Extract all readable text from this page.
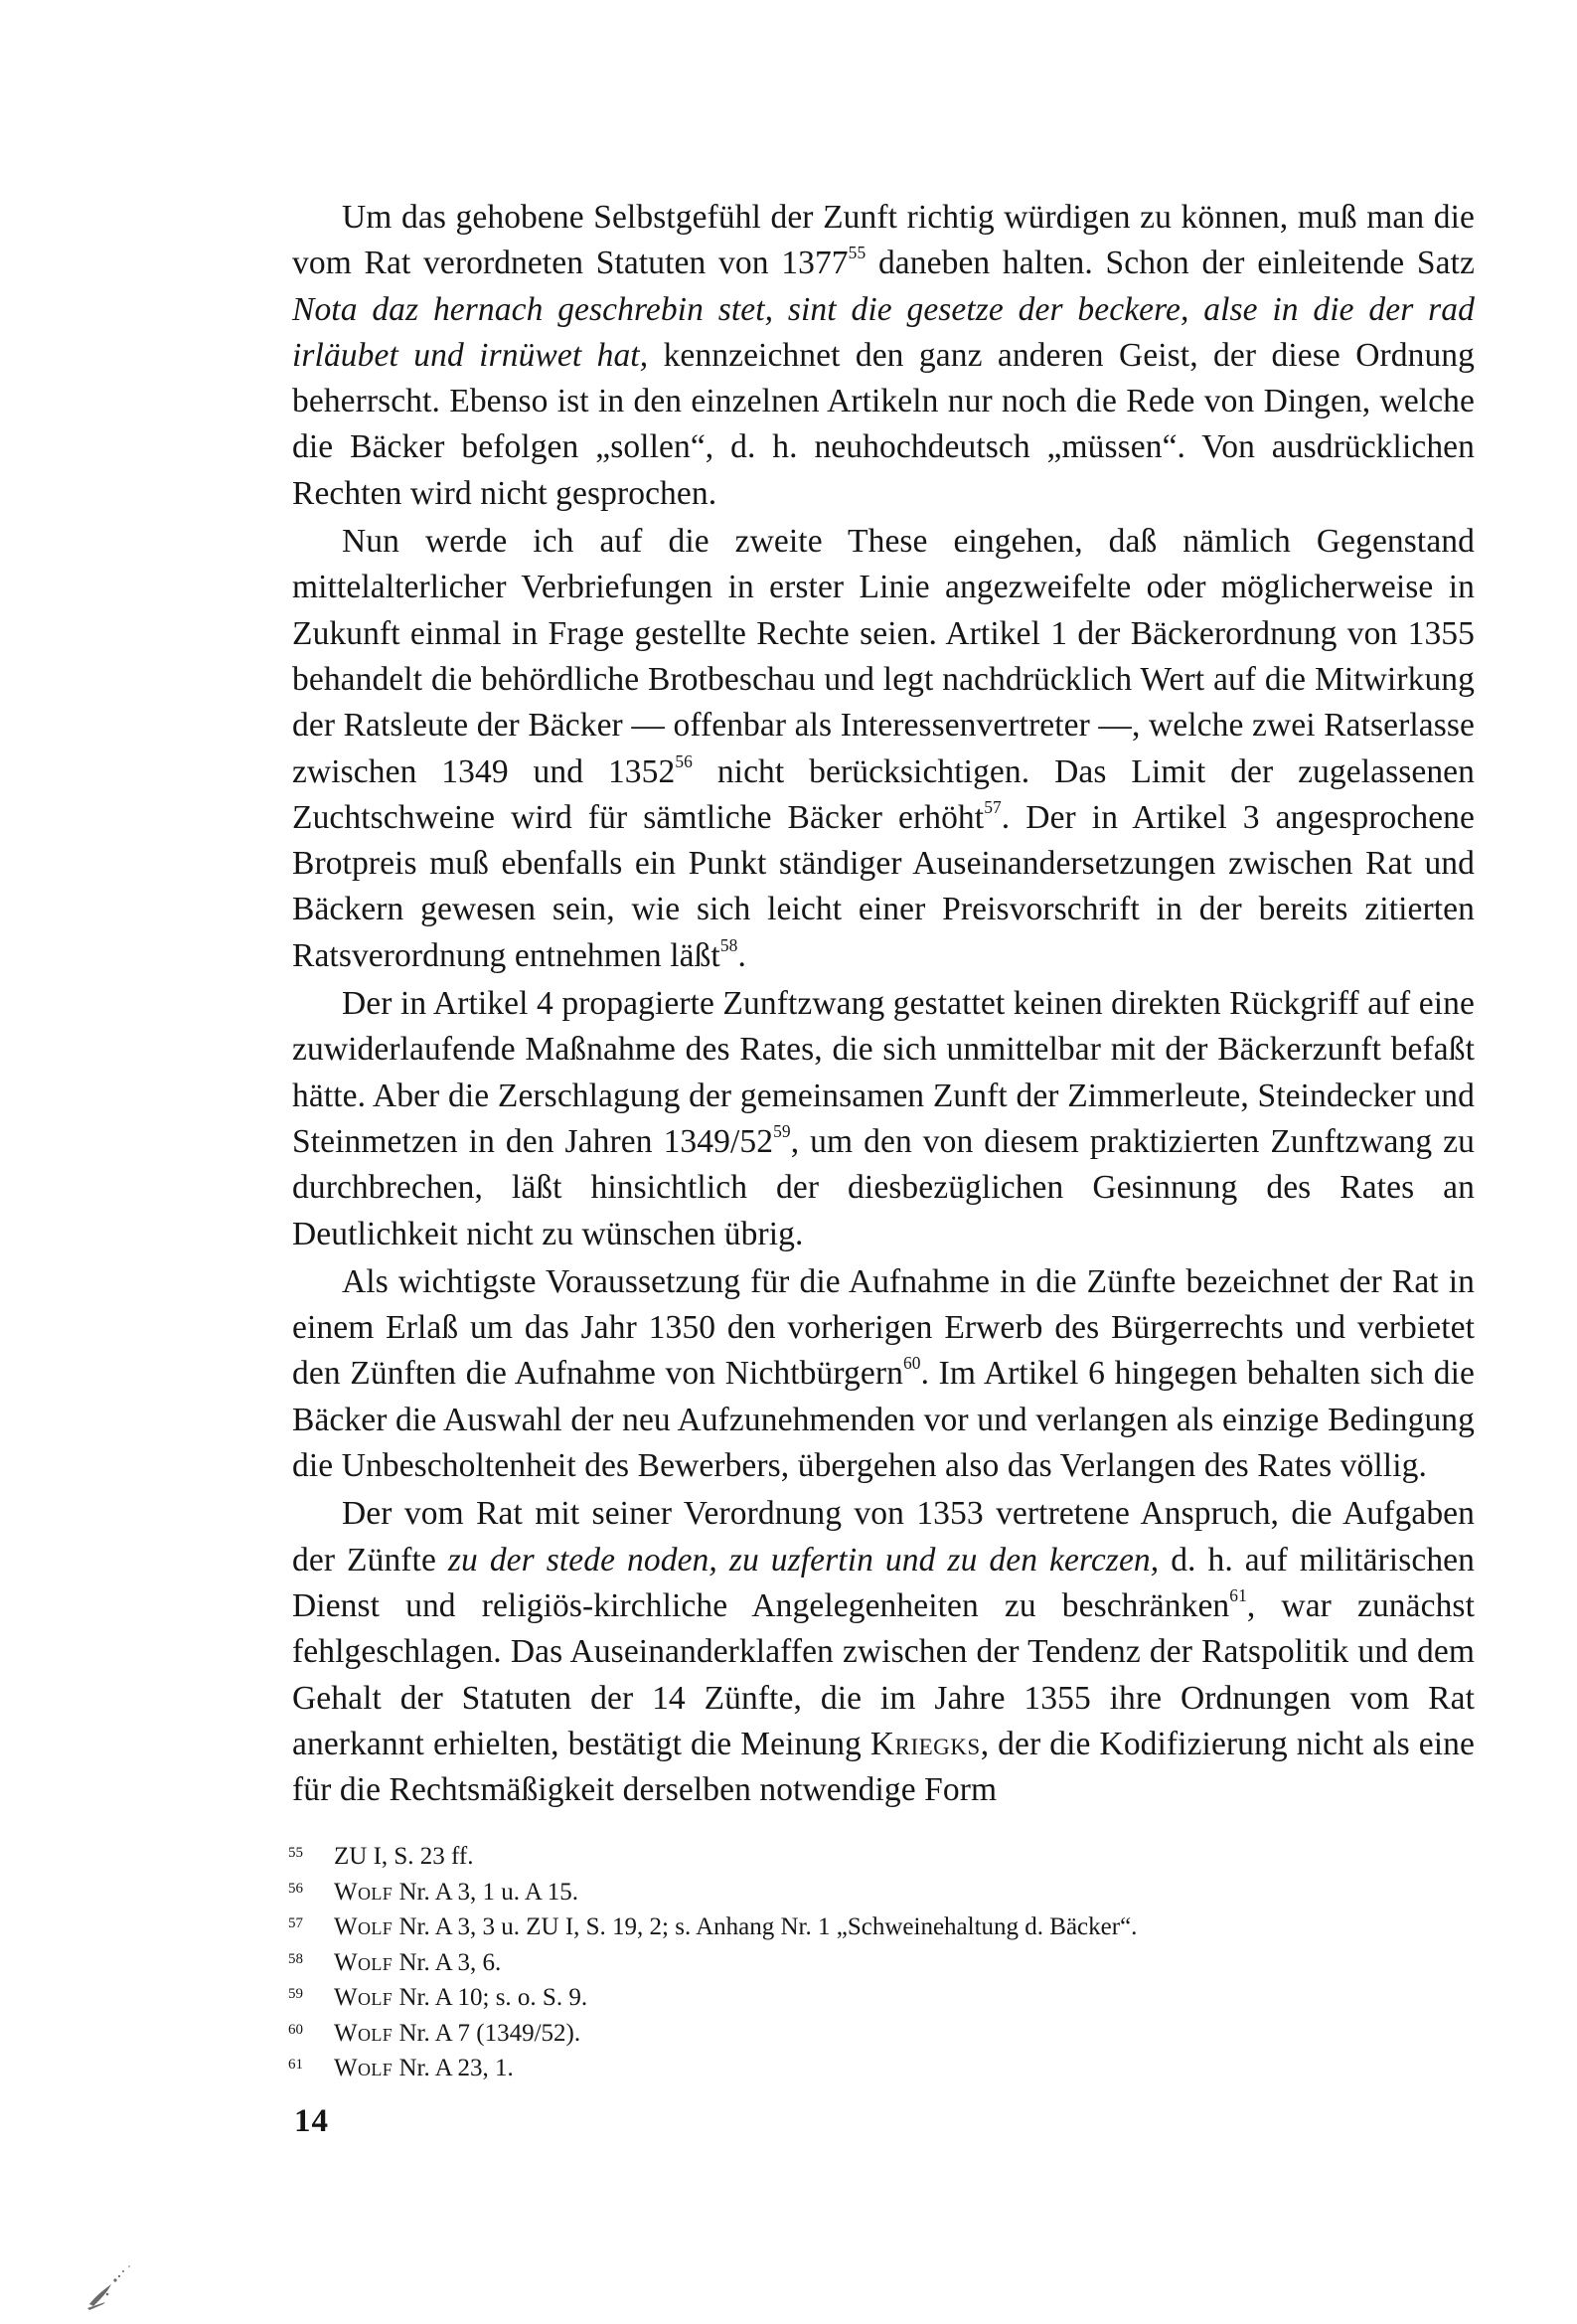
Um das gehobene Selbstgefühl der Zunft richtig würdigen zu können, muß man die vom Rat verordneten Statuten von 1377$^{55}$ daneben halten. Schon der einleitende Satz Nota daz hernach geschrebin stet, sint die gesetze der beckere, alse in die der rad irläubet und irnüwet hat, kennzeichnet den ganz anderen Geist, der diese Ordnung beherrscht. Ebenso ist in den einzelnen Artikeln nur noch die Rede von Dingen, welche die Bäcker befolgen „sollen“, d. h. neuhochdeutsch „müssen“. Von ausdrücklichen Rechten wird nicht gesprochen.

Nun werde ich auf die zweite These eingehen, daß nämlich Gegenstand mittelalterlicher Verbriefungen in erster Linie angezweifelte oder möglicherweise in Zukunft einmal in Frage gestellte Rechte seien. Artikel 1 der Bäckerordnung von 1355 behandelt die behördliche Brotbeschau und legt nachdrücklich Wert auf die Mitwirkung der Ratsleute der Bäcker — offenbar als Interessenvertreter —, welche zwei Ratserlasse zwischen 1349 und 1352$^{56}$ nicht berücksichtigen. Das Limit der zugelassenen Zuchtschweine wird für sämtliche Bäcker erhöht$^{57}$. Der in Artikel 3 angesprochene Brotpreis muß ebenfalls ein Punkt ständiger Auseinandersetzungen zwischen Rat und Bäckern gewesen sein, wie sich leicht einer Preisvorschrift in der bereits zitierten Ratsverordnung entnehmen läßt$^{58}$.

Der in Artikel 4 propagierte Zunftzwang gestattet keinen direkten Rückgriff auf eine zuwiderlaufende Maßnahme des Rates, die sich unmittelbar mit der Bäckerzunft befaßt hätte. Aber die Zerschlagung der gemeinsamen Zunft der Zimmerleute, Steindecker und Steinmetzen in den Jahren $1349/52^{59}$, um den von diesem praktizierten Zunftzwang zu durchbrechen, läßt hinsichtlich der diesbezüglichen Gesinnung des Rates an Deutlichkeit nicht zu wünschen übrig.

Als wichtigste Voraussetzung für die Aufnahme in die Zünfte bezeichnet der Rat in einem Erlaß um das Jahr 1350 den vorherigen Erwerb des Bürgerrechts und verbietet den Zünften die Aufnahme von Nichtbürgern$^{60}$. Im Artikel 6 hingegen behalten sich die Bäcker die Auswahl der neu Aufzunehmenden vor und verlangen als einzige Bedingung die Unbescholtenheit des Bewerbers, übergehen also das Verlangen des Rates völlig.

Der vom Rat mit seiner Verordnung von 1353 vertretene Anspruch, die Aufgaben der Zünfte zu der stede noden, zu uzfertin und zu den kerczen, d. h. auf militärischen Dienst und religiös-kirchliche Angelegenheiten zu beschränken$^{61}$, war zunächst fehlgeschlagen. Das Auseinanderklaffen zwischen der Tendenz der Ratspolitik und dem Gehalt der Statuten der 14 Zünfte, die im Jahre 1355 ihre Ordnungen vom Rat anerkannt erhielten, bestätigt die Meinung Kriegks, der die Kodifizierung nicht als eine für die Rechtsmäßigkeit derselben notwendige Form

55	ZU I, S. 23 ff.
56	Wolf Nr. A 3, 1 u. A 15.
57	Wolf Nr. A 3, 3 u. ZU I, S. 19, 2; s. Anhang Nr. 1 „Schweinehaltung d. Bäcker“.
58	Wolf Nr. A 3, 6.
59	Wolf Nr. A 10; s. o. S. 9.
60	Wolf Nr. A 7 (1349/52).
61	Wolf Nr. A 23, 1.
14
